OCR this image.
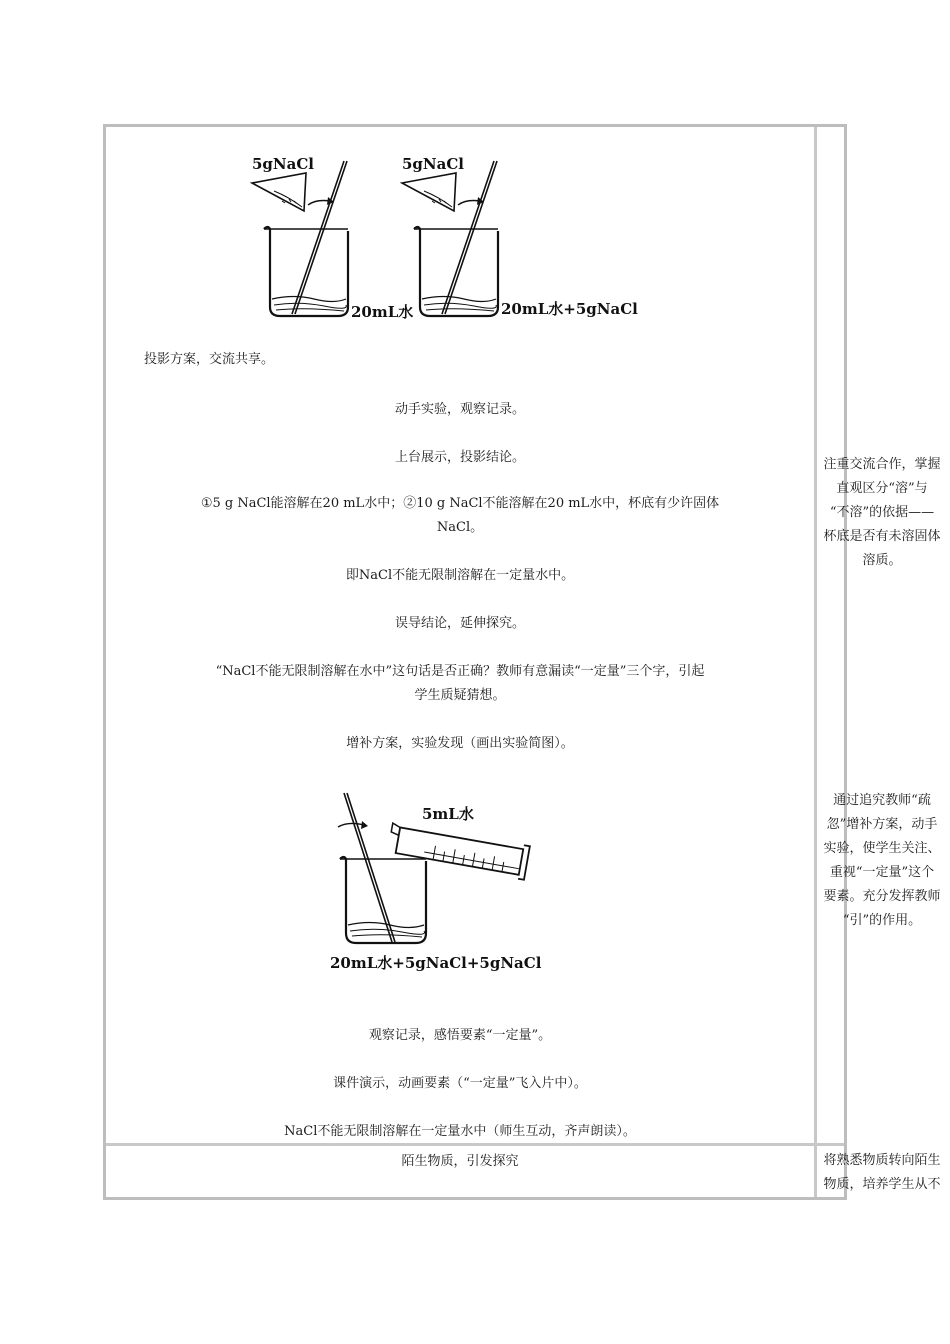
5gNaCl
20mL水
5gNaCl
20mL水+5gNaCl
投影方案，交流共享。
动手实验，观察记录。
上台展示，投影结论。
①5 g NaCl能溶解在20 mL水中；②10 g NaCl不能溶解在20 mL水中，杯底有少许固体
NaCl。
即NaCl不能无限制溶解在一定量水中。
误导结论，延伸探究。
“NaCl不能无限制溶解在水中”这句话是否正确？教师有意漏读“一定量”三个字，引起
学生质疑猜想。
增补方案，实验发现（画出实验简图）。
5mL水
20mL水+5gNaCl+5gNaCl
观察记录，感悟要素“一定量”。
课件演示，动画要素（“一定量”飞入片中）。
NaCl不能无限制溶解在一定量水中（师生互动，齐声朗读）。
注重交流合作，掌握
直观区分“溶”与
“不溶”的依据——
杯底是否有未溶固体
溶质。
通过追究教师“疏
忽”增补方案，动手
实验，使学生关注、
重视“一定量”这个
要素。充分发挥教师
“引”的作用。
陌生物质，引发探究	将熟悉物质转向陌生
物质，培养学生从不
